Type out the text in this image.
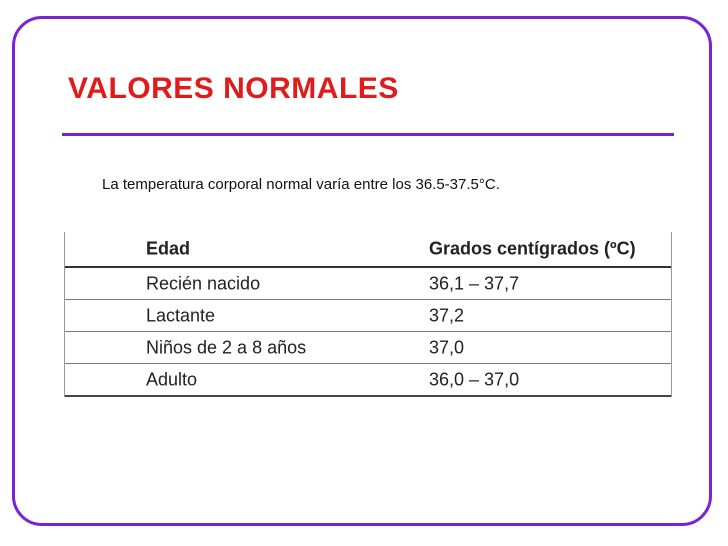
VALORES NORMALES
La temperatura corporal normal varía entre los 36.5-37.5°C.
Edad	Grados centígrados (ºC)
Recién nacido	36,1 – 37,7
Lactante	37,2
Niños de 2 a 8 años	37,0
Adulto	36,0 – 37,0
